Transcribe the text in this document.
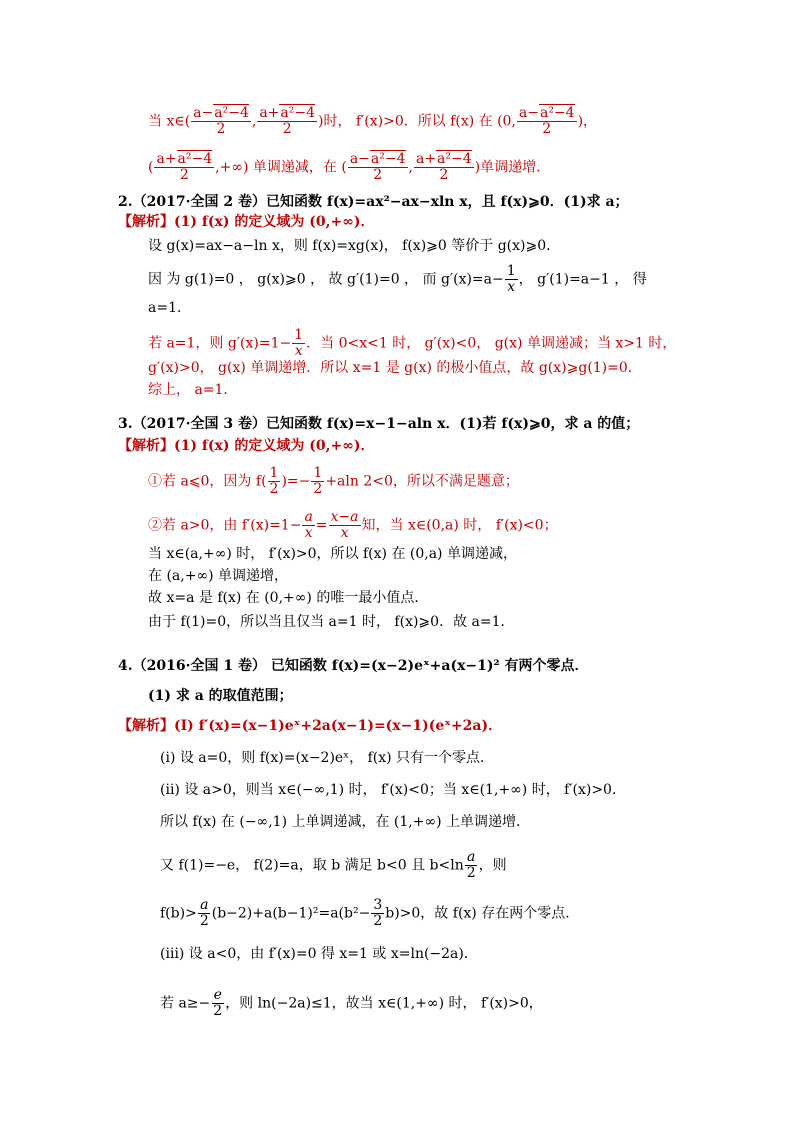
当 x∈( $\frac{\text{a−a²−4}}{2}$ , $\frac{\text{a+a²−4}}{2}$ )时， f′(x)>0．所以 f(x) 在 (0, $\frac{\text{a−a²−4}}{2}$ )，
( $\frac{\text{a+a²−4}}{2}$ ,+∞) 单调递减，在 ( $\frac{\text{a−a²−4}}{2}$ , $\frac{\text{a+a²−4}}{2}$ )单调递增．
2.（2017·全国 2 卷）已知函数 f(x)=ax²−ax−xln x，且 f(x)⩾0．(1)求 a；
【解析】(1) f(x) 的定义域为 (0,+∞)．
设 g(x)=ax−a−ln x，则 f(x)=xg(x)， f(x)⩾0 等价于 g(x)⩾0．
因 为 g(1)=0 ， g(x)⩾0 ， 故 g′(1)=0 ， 而 $g'(x)=a- \frac{1}{x}$ ， g′(1)=a−1 ， 得
a=1．
若 a=1，则 $g'(x)=1- \frac{1}{x}$ ．当 0<x<1 时， g′(x)<0， g(x) 单调递减；当 x>1 时，
g′(x)>0， g(x) 单调递增．所以 x=1 是 g(x) 的极小值点，故 g(x)⩾g(1)=0．
综上， a=1．
3.（2017·全国 3 卷）已知函数 f(x)=x−1−aln x．(1)若 f(x)⩾0，求 a 的值；
【解析】(1) f(x) 的定义域为 (0,+∞)．
①若 a⩽0，因为 $f( \frac{1}{2}$ )=− $\frac{1}{2} +aln$ 2<0，所以不满足题意；
②若 a>0，由 $f'(x)=1- \frac{a}{x} = \frac{x-a}{x}$ 知，当 x∈(0,a) 时， f′(x)<0；
当 x∈(a,+∞) 时， f′(x)>0，所以 f(x) 在 (0,a) 单调递减，
在 (a,+∞) 单调递增，
故 x=a 是 f(x) 在 (0,+∞) 的唯一最小值点．
由于 f(1)=0，所以当且仅当 a=1 时， f(x)⩾0．故 a=1．
4.（2016·全国 1 卷） 已知函数 f(x)=(x−2)eˣ+a(x−1)² 有两个零点．
(1) 求 a 的取值范围；
【解析】(Ⅰ) f′(x)=(x−1)eˣ+2a(x−1)=(x−1)(eˣ+2a)．
(ⅰ) 设 a=0，则 f(x)=(x−2)eˣ， f(x) 只有一个零点．
(ⅱ) 设 a>0，则当 x∈(−∞,1) 时， f′(x)<0；当 x∈(1,+∞) 时， f′(x)>0．
所以 f(x) 在 (−∞,1) 上单调递减，在 (1,+∞) 上单调递增．
又 f(1)=−e， f(2)=a，取 b 满足 b<0 且 $b<\ln \frac{a}{2}$ ，则
$f(b)> \frac{a}{2} (b-2)+a(b-1)^2=a(b^2- \frac{3}{2} b)>0$，故 f(x) 存在两个零点．
(ⅲ) 设 a<0，由 f′(x)=0 得 x=1 或 x=ln(−2a)．
若 $a\ge- \frac{e}{2}$ ，则 ln(−2a)≤1，故当 x∈(1,+∞) 时， f′(x)>0，
